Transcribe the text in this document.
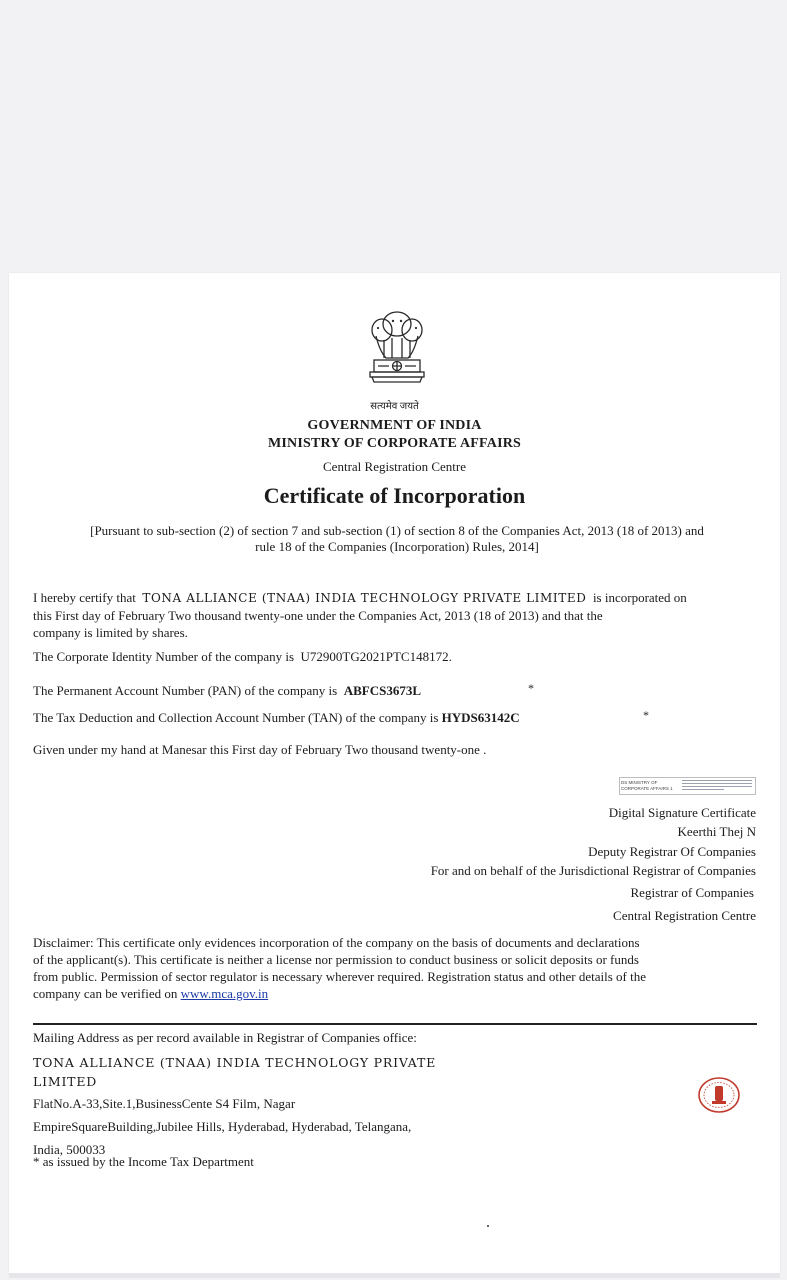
सत्यमेव जयते
GOVERNMENT OF INDIA
MINISTRY OF CORPORATE AFFAIRS
Central Registration Centre
Certificate of Incorporation
[Pursuant to sub-section (2) of section 7 and sub-section (1) of section 8 of the Companies Act, 2013 (18 of 2013) and
rule 18 of the Companies (Incorporation) Rules, 2014]
I hereby certify that TONA ALLIANCE (TNAA) INDIA TECHNOLOGY PRIVATE LIMITED is incorporated on
this First day of February Two thousand twenty-one under the Companies Act, 2013 (18 of 2013) and that the
company is limited by shares.
The Corporate Identity Number of the company is U72900TG2021PTC148172.
The Permanent Account Number (PAN) of the company is ABFCS3673L	*
The Tax Deduction and Collection Account Number (TAN) of the company is HYDS63142C	*
Given under my hand at Manesar this First day of February Two thousand twenty-one .
DS MINISTRY OF
CORPORATE AFFAIRS 1
Digital Signature Certificate
Keerthi Thej N
Deputy Registrar Of Companies
For and on behalf of the Jurisdictional Registrar of Companies
Registrar of Companies
Central Registration Centre
Disclaimer: This certificate only evidences incorporation of the company on the basis of documents and declarations
of the applicant(s). This certificate is neither a license nor permission to conduct business or solicit deposits or funds
from public. Permission of sector regulator is necessary wherever required. Registration status and other details of the
company can be verified on www.mca.gov.in
Mailing Address as per record available in Registrar of Companies office:
TONA ALLIANCE (TNAA) INDIA TECHNOLOGY PRIVATE
LIMITED
FlatNo.A-33,Site.1,BusinessCente S4 Film, Nagar
EmpireSquareBuilding,Jubilee Hills, Hyderabad, Hyderabad, Telangana,
India, 500033
* as issued by the Income Tax Department
